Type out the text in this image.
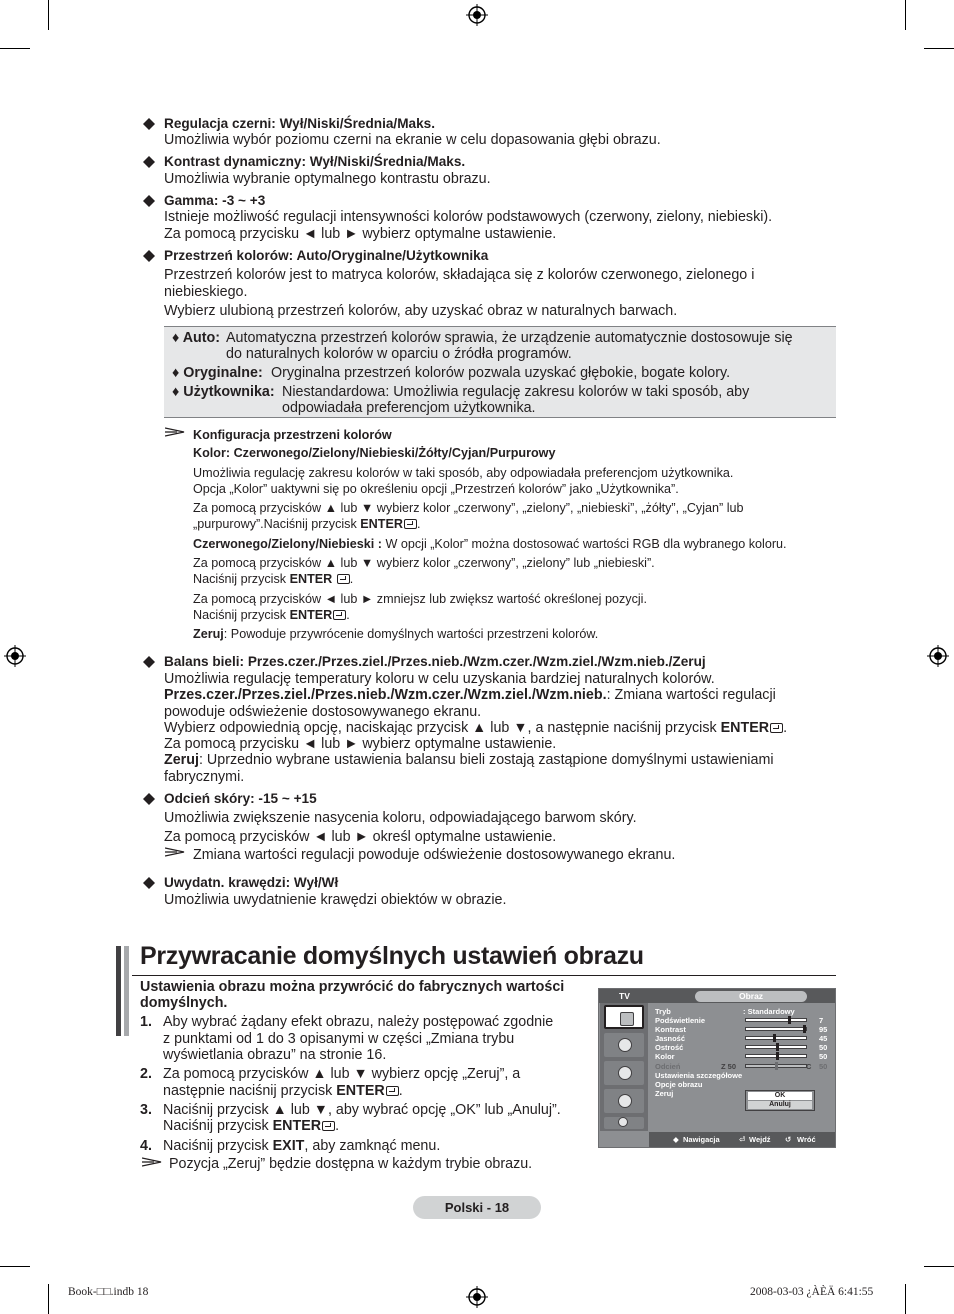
Regulacja czerni: Wył/Niski/Średnia/Maks.
Umożliwia wybór poziomu czerni na ekranie w celu dopasowania głębi obrazu.
Kontrast dynamiczny: Wył/Niski/Średnia/Maks.
Umożliwia wybranie optymalnego kontrastu obrazu.
Gamma: -3 ~ +3
Istnieje możliwość regulacji intensywności kolorów podstawowych (czerwony, zielony, niebieski).
Za pomocą przycisku ◄ lub ► wybierz optymalne ustawienie.
Przestrzeń kolorów: Auto/Oryginalne/Użytkownika
Przestrzeń kolorów jest to matryca kolorów, składająca się z kolorów czerwonego, zielonego i
niebieskiego.
Wybierz ulubioną przestrzeń kolorów, aby uzyskać obraz w naturalnych barwach.
♦ Auto: Automatyczna przestrzeń kolorów sprawia, że urządzenie automatycznie dostosowuje się
do naturalnych kolorów w oparciu o źródła programów.
♦ Oryginalne: Oryginalna przestrzeń kolorów pozwala uzyskać głębokie, bogate kolory.
♦ Użytkownika: Niestandardowa: Umożliwia regulację zakresu kolorów w taki sposób, aby
odpowiadała preferencjom użytkownika.
Konfiguracja przestrzeni kolorów
Kolor: Czerwonego/Zielony/Niebieski/Żółty/Cyjan/Purpurowy
Umożliwia regulację zakresu kolorów w taki sposób, aby odpowiadała preferencjom użytkownika.
Opcja „Kolor” uaktywni się po określeniu opcji „Przestrzeń kolorów” jako „Użytkownika”.
Za pomocą przycisków ▲ lub ▼ wybierz kolor „czerwony”, „zielony”, „niebieski”, „żółty”, „Cyjan” lub
„purpurowy”.Naciśnij przycisk ENTER .
Czerwonego/Zielony/Niebieski : W opcji „Kolor” można dostosować wartości RGB dla wybranego koloru.
Za pomocą przycisków ▲ lub ▼ wybierz kolor „czerwony”, „zielony” lub „niebieski”.
Naciśnij przycisk ENTER .
Za pomocą przycisków ◄ lub ► zmniejsz lub zwiększ wartość określonej pozycji.
Naciśnij przycisk ENTER .
Zeruj: Powoduje przywrócenie domyślnych wartości przestrzeni kolorów.
Balans bieli: Przes.czer./Przes.ziel./Przes.nieb./Wzm.czer./Wzm.ziel./Wzm.nieb./Zeruj
Umożliwia regulację temperatury koloru w celu uzyskania bardziej naturalnych kolorów.
Przes.czer./Przes.ziel./Przes.nieb./Wzm.czer./Wzm.ziel./Wzm.nieb.: Zmiana wartości regulacji
powoduje odświeżenie dostosowywanego ekranu.
Wybierz odpowiednią opcję, naciskając przycisk ▲ lub ▼, a następnie naciśnij przycisk ENTER .
Za pomocą przycisku ◄ lub ► wybierz optymalne ustawienie.
Zeruj: Uprzednio wybrane ustawienia balansu bieli zostają zastąpione domyślnymi ustawieniami
fabrycznymi.
Odcień skóry: -15 ~ +15
Umożliwia zwiększenie nasycenia koloru, odpowiadającego barwom skóry.
Za pomocą przycisków ◄ lub ► określ optymalne ustawienie.
Zmiana wartości regulacji powoduje odświeżenie dostosowywanego ekranu.
Uwydatn. krawędzi: Wył/Wł
Umożliwia uwydatnienie krawędzi obiektów w obrazie.
Przywracanie domyślnych ustawień obrazu
Ustawienia obrazu można przywrócić do fabrycznych wartości
domyślnych.
1. Aby wybrać żądany efekt obrazu, należy postępować zgodnie
z punktami od 1 do 3 opisanymi w części „Zmiana trybu
wyświetlania obrazu” na stronie 16.
2. Za pomocą przycisków ▲ lub ▼ wybierz opcję „Zeruj”, a
następnie naciśnij przycisk ENTER .
3. Naciśnij przycisk ▲ lub ▼, aby wybrać opcję „OK” lub „Anuluj”.
Naciśnij przycisk ENTER .
4. Naciśnij przycisk EXIT, aby zamknąć menu.
Pozycja „Zeruj” będzie dostępna w każdym trybie obrazu.
TV	Obraz
Tryb	: Standardowy
Odcień	Z 50	C 50
Ustawienia szczegółowe
Opcje obrazu
Zeruj	OK
Anuluj
◆ Nawigacja	⏎ Wejdź ↺ Wróć
Podświetlenie	7
Kontrast	95
Jasność	45
Ostrość	50
Kolor	50
Polski - 18
Book-□□.indb 18	2008-03-03 ¿ÀÈÄ 6:41:55
